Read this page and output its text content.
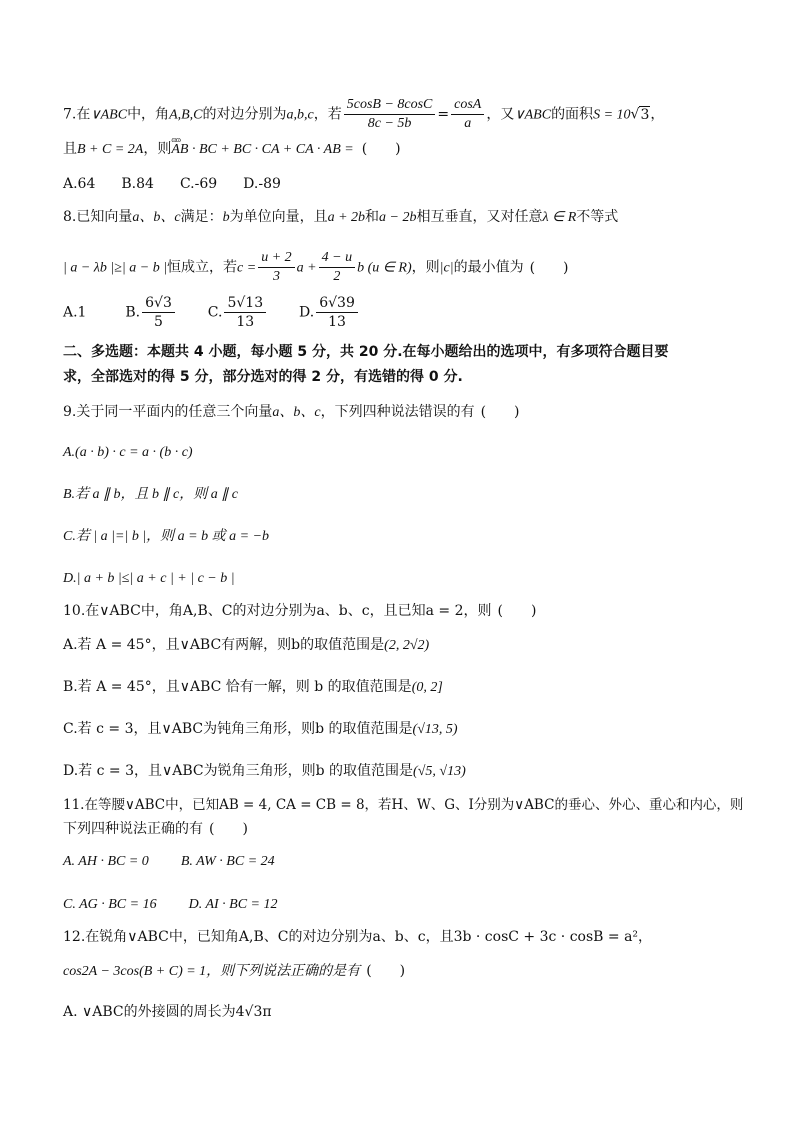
7.在∨ABC中，角A,B,C的对边分别为a,b,c，若 $\frac{5\cos B - 8\cos C}{8c - 5b} = \frac{\cos A}{a}$ ，又∨ABC的面积S = 10√3，
且B + C = 2A，则ɷɷ AB · BC + BC · CA + CA · AB = (　　)
A.64 B.84 C.-69 D.-89
8.已知向量a、b、c满足：b为单位向量，且a + 2b和a − 2b相互垂直，又对任意λ ∈ R不等式
| a − λb |≥| a − b |恒成立，若$c = \frac{u + 2}{3}$ $a + \frac{4 - u}{2}$ b (u ∈ R)，则|c|的最小值为 (　　)
A.1	B. $\frac{6√3}{5} C$. $\frac{5√13}{13} D$. $\frac{6√39}{13}$
二、多选题：本题共 4 小题，每小题 5 分，共 20 分.在每小题给出的选项中，有多项符合题目要
求，全部选对的得 5 分，部分选对的得 2 分，有选错的得 0 分.
9.关于同一平面内的任意三个向量a、b、c，下列四种说法错误的有 (　　)
A.(a · b) · c = a · (b · c)
B.若 a ∥ b，且 b ∥ c，则 a ∥ c
C.若 | a |=| b |，则 a = b 或 a = −b
D.| a + b |≤| a + c | + | c − b |
10.在∨ABC中，角A,B、C的对边分别为a、b、c，且已知a = 2，则 (　　)
A.若 A = 45°，且∨ABC有两解，则b的取值范围是(2, 2√2)
B.若 A = 45°，且∨ABC 恰有一解，则 b 的取值范围是(0, 2]
C.若 c = 3，且∨ABC为钝角三角形，则b 的取值范围是(√13, 5)
D.若 c = 3，且∨ABC为锐角三角形，则b 的取值范围是(√5, √13)
11.在等腰∨ABC中，已知AB = 4, CA = CB = 8，若H、W、G、I分别为∨ABC的垂心、外心、重心和内心，则
下列四种说法正确的有 (　　)
A. AH · BC = 0 B. AW · BC = 24
C. AG · BC = 16 D. AI · BC = 12
12.在锐角∨ABC中，已知角A,B、C的对边分别为a、b、c，且3b · cosC + 3c · cosB = a²，
cos2A − 3cos(B + C) = 1，则下列说法正确的是有 (　　)
A. ∨ABC的外接圆的周长为4√3π
